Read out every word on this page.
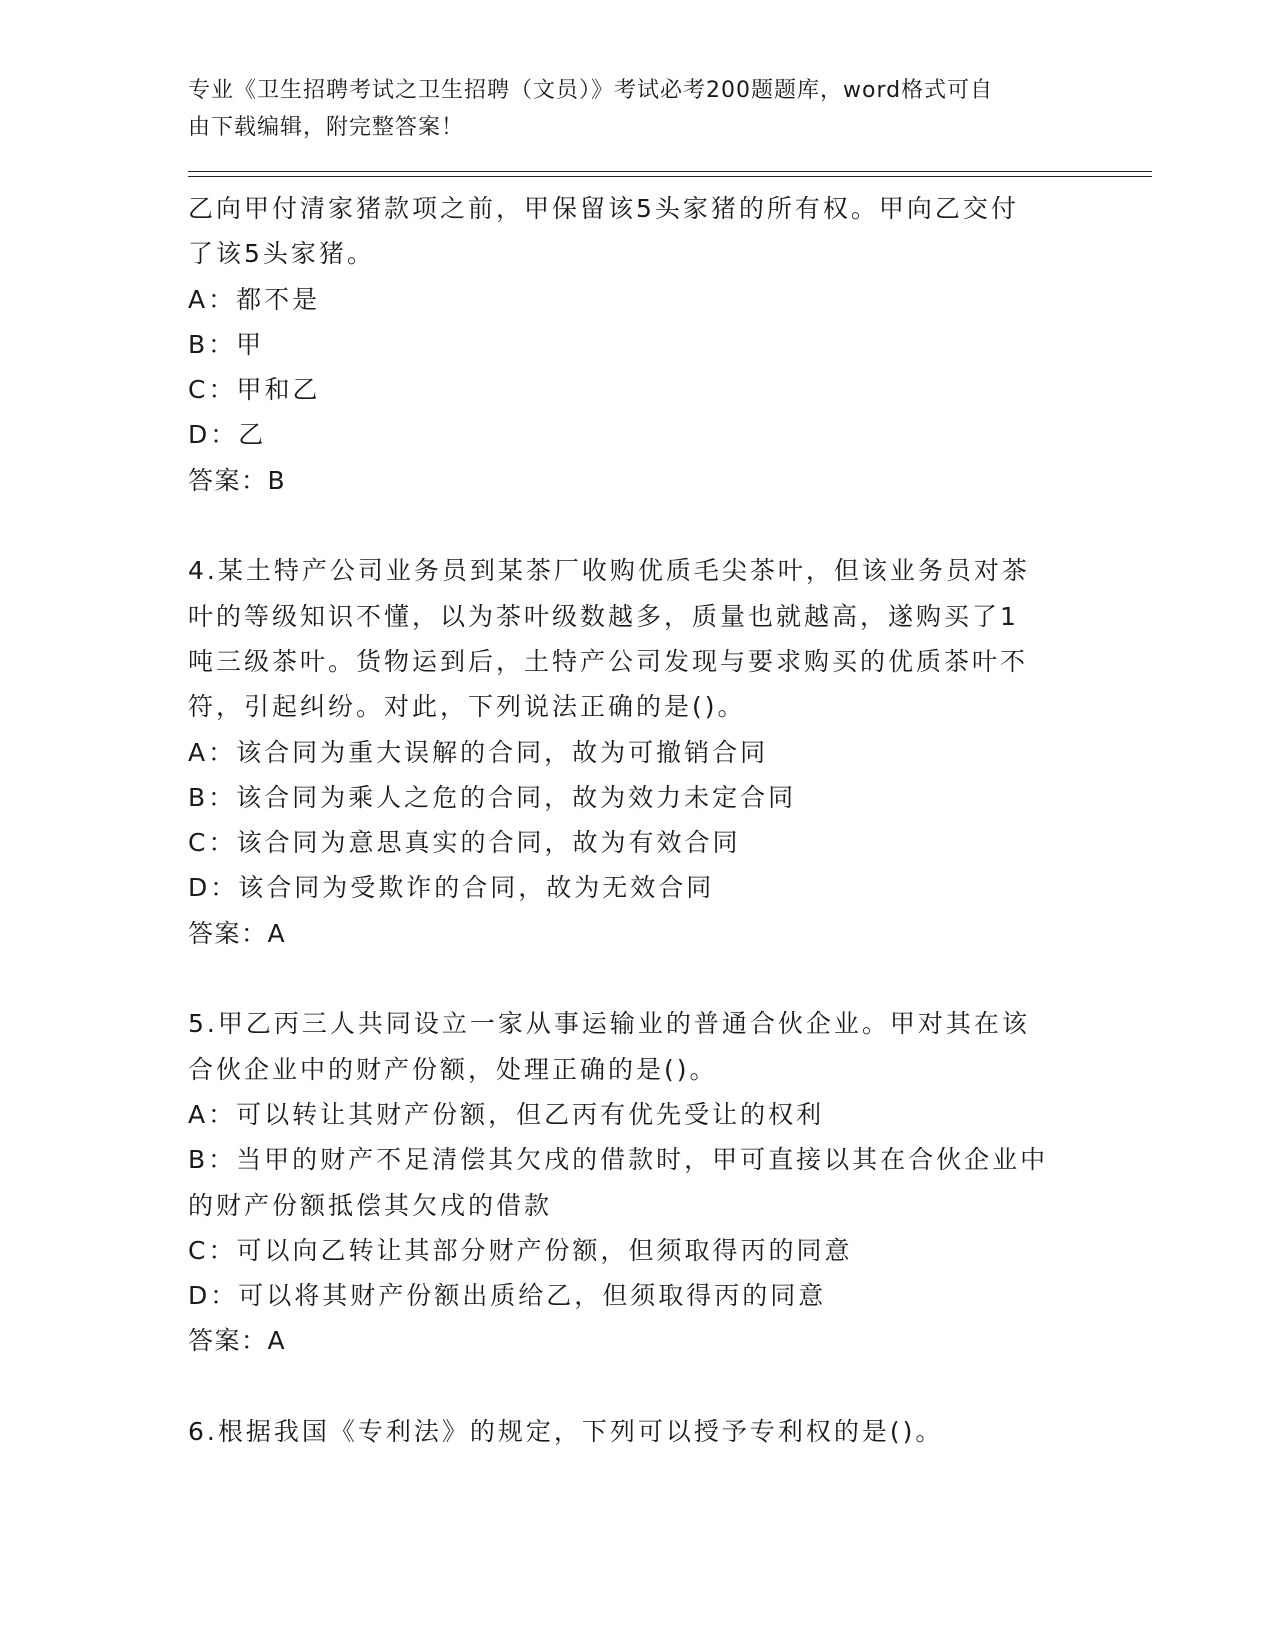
专业《卫生招聘考试之卫生招聘（文员）》考试必考200题题库，word格式可自
由下载编辑，附完整答案！
乙向甲付清家猪款项之前，甲保留该5头家猪的所有权。甲向乙交付
了该5头家猪。
A：都不是
B：甲
C：甲和乙
D：乙
答案：B
4.某土特产公司业务员到某茶厂收购优质毛尖茶叶，但该业务员对茶
叶的等级知识不懂，以为茶叶级数越多，质量也就越高，遂购买了1
吨三级茶叶。货物运到后，土特产公司发现与要求购买的优质茶叶不
符，引起纠纷。对此，下列说法正确的是()。
A：该合同为重大误解的合同，故为可撤销合同
B：该合同为乘人之危的合同，故为效力未定合同
C：该合同为意思真实的合同，故为有效合同
D：该合同为受欺诈的合同，故为无效合同
答案：A
5.甲乙丙三人共同设立一家从事运输业的普通合伙企业。甲对其在该
合伙企业中的财产份额，处理正确的是()。
A：可以转让其财产份额，但乙丙有优先受让的权利
B：当甲的财产不足清偿其欠戌的借款时，甲可直接以其在合伙企业中
的财产份额抵偿其欠戌的借款
C：可以向乙转让其部分财产份额，但须取得丙的同意
D：可以将其财产份额出质给乙，但须取得丙的同意
答案：A
6.根据我国《专利法》的规定，下列可以授予专利权的是()。
